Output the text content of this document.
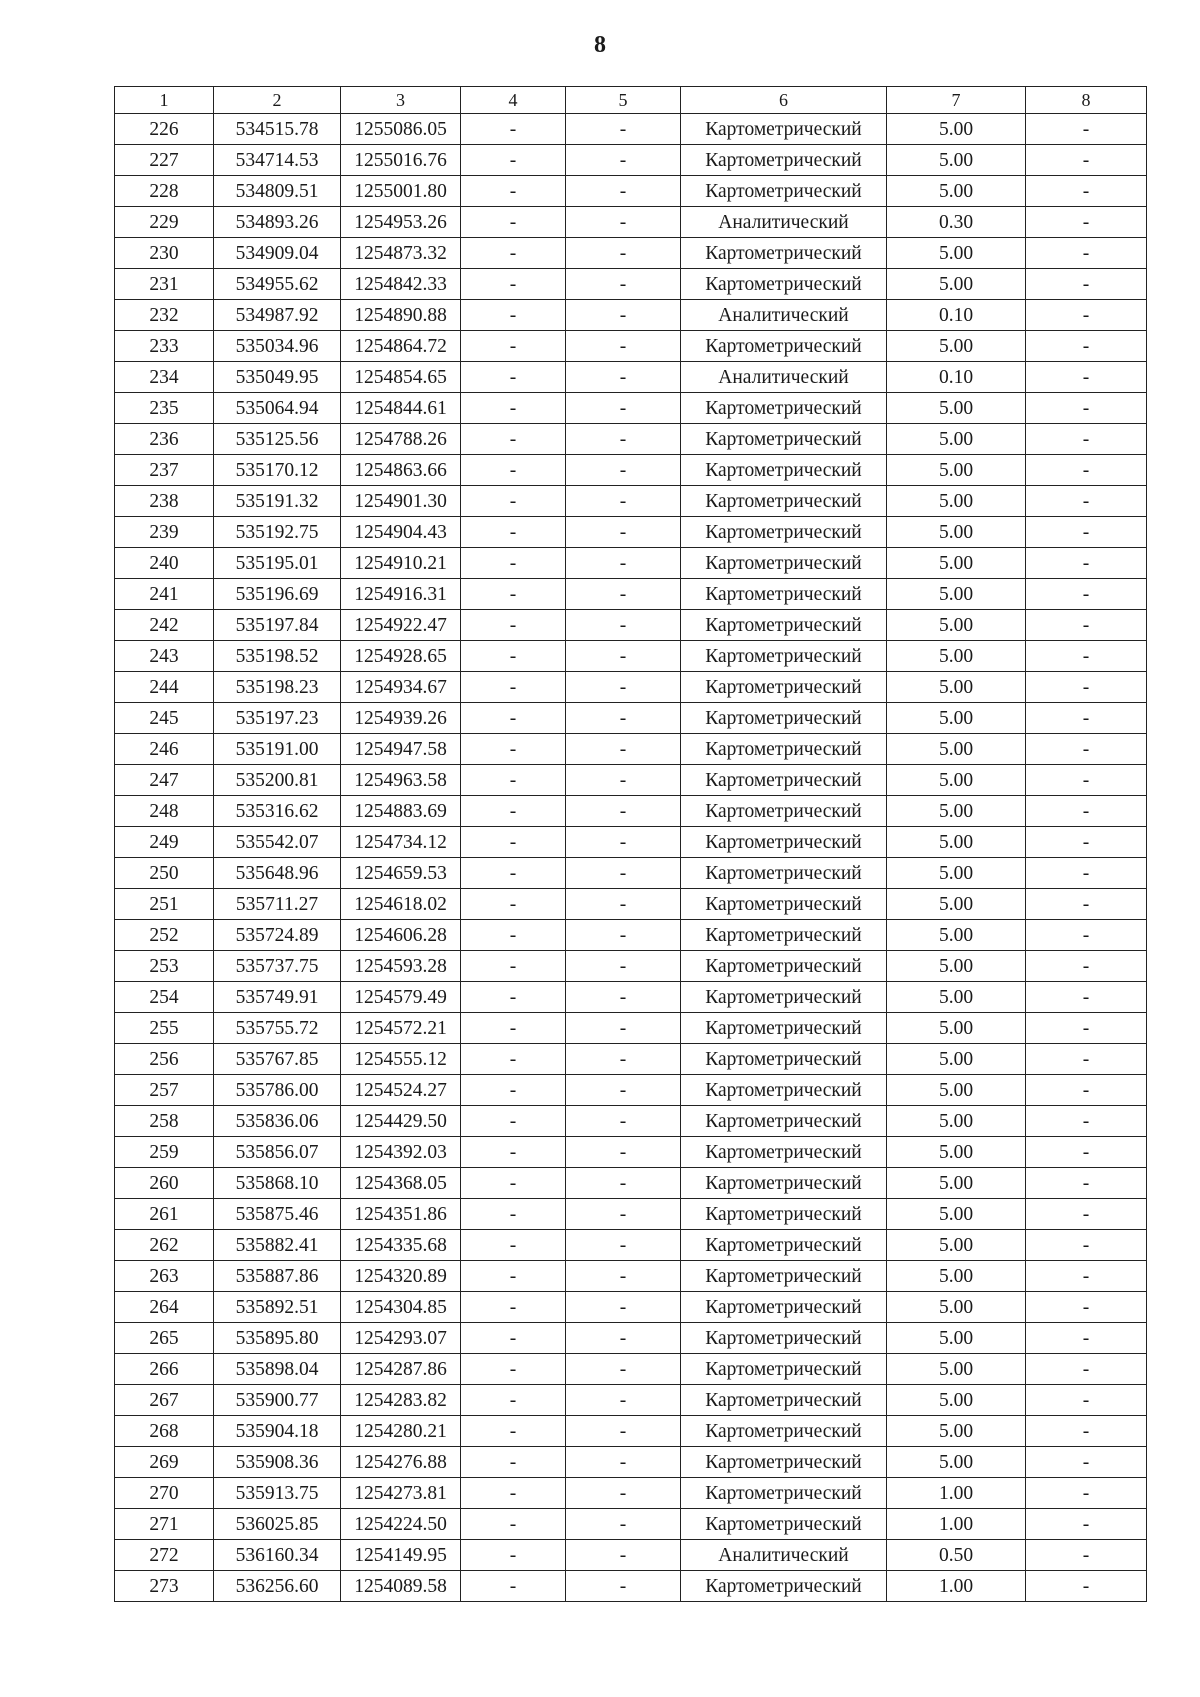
8
1	2	3	4	5	6	7	8
226	534515.78	1255086.05	-	-	Картометрический	5.00	-
227	534714.53	1255016.76	-	-	Картометрический	5.00	-
228	534809.51	1255001.80	-	-	Картометрический	5.00	-
229	534893.26	1254953.26	-	-	Аналитический	0.30	-
230	534909.04	1254873.32	-	-	Картометрический	5.00	-
231	534955.62	1254842.33	-	-	Картометрический	5.00	-
232	534987.92	1254890.88	-	-	Аналитический	0.10	-
233	535034.96	1254864.72	-	-	Картометрический	5.00	-
234	535049.95	1254854.65	-	-	Аналитический	0.10	-
235	535064.94	1254844.61	-	-	Картометрический	5.00	-
236	535125.56	1254788.26	-	-	Картометрический	5.00	-
237	535170.12	1254863.66	-	-	Картометрический	5.00	-
238	535191.32	1254901.30	-	-	Картометрический	5.00	-
239	535192.75	1254904.43	-	-	Картометрический	5.00	-
240	535195.01	1254910.21	-	-	Картометрический	5.00	-
241	535196.69	1254916.31	-	-	Картометрический	5.00	-
242	535197.84	1254922.47	-	-	Картометрический	5.00	-
243	535198.52	1254928.65	-	-	Картометрический	5.00	-
244	535198.23	1254934.67	-	-	Картометрический	5.00	-
245	535197.23	1254939.26	-	-	Картометрический	5.00	-
246	535191.00	1254947.58	-	-	Картометрический	5.00	-
247	535200.81	1254963.58	-	-	Картометрический	5.00	-
248	535316.62	1254883.69	-	-	Картометрический	5.00	-
249	535542.07	1254734.12	-	-	Картометрический	5.00	-
250	535648.96	1254659.53	-	-	Картометрический	5.00	-
251	535711.27	1254618.02	-	-	Картометрический	5.00	-
252	535724.89	1254606.28	-	-	Картометрический	5.00	-
253	535737.75	1254593.28	-	-	Картометрический	5.00	-
254	535749.91	1254579.49	-	-	Картометрический	5.00	-
255	535755.72	1254572.21	-	-	Картометрический	5.00	-
256	535767.85	1254555.12	-	-	Картометрический	5.00	-
257	535786.00	1254524.27	-	-	Картометрический	5.00	-
258	535836.06	1254429.50	-	-	Картометрический	5.00	-
259	535856.07	1254392.03	-	-	Картометрический	5.00	-
260	535868.10	1254368.05	-	-	Картометрический	5.00	-
261	535875.46	1254351.86	-	-	Картометрический	5.00	-
262	535882.41	1254335.68	-	-	Картометрический	5.00	-
263	535887.86	1254320.89	-	-	Картометрический	5.00	-
264	535892.51	1254304.85	-	-	Картометрический	5.00	-
265	535895.80	1254293.07	-	-	Картометрический	5.00	-
266	535898.04	1254287.86	-	-	Картометрический	5.00	-
267	535900.77	1254283.82	-	-	Картометрический	5.00	-
268	535904.18	1254280.21	-	-	Картометрический	5.00	-
269	535908.36	1254276.88	-	-	Картометрический	5.00	-
270	535913.75	1254273.81	-	-	Картометрический	1.00	-
271	536025.85	1254224.50	-	-	Картометрический	1.00	-
272	536160.34	1254149.95	-	-	Аналитический	0.50	-
273	536256.60	1254089.58	-	-	Картометрический	1.00	-
